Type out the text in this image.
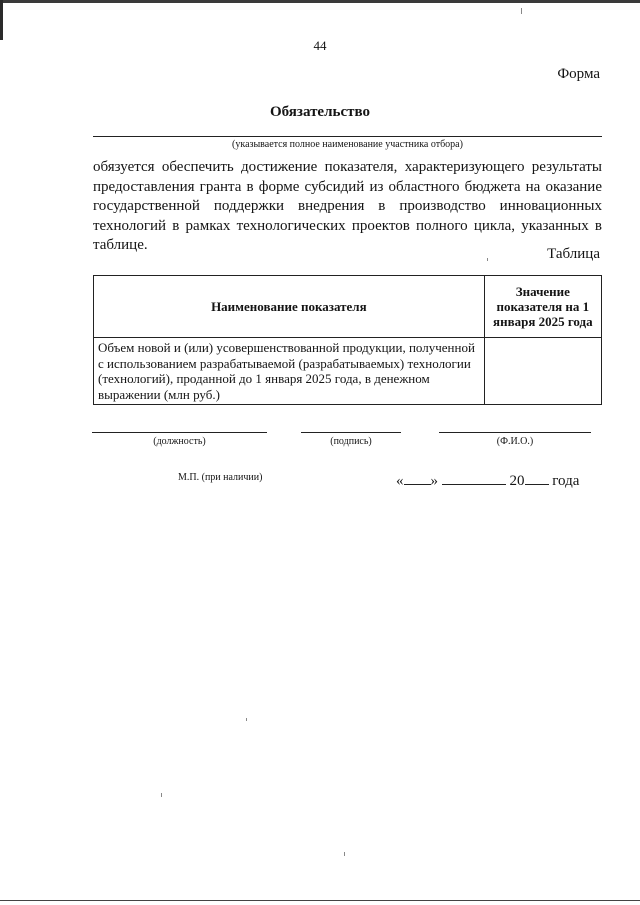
44
Форма
Обязательство
(указывается полное наименование участника отбора)
обязуется обеспечить достижение показателя, характеризующего результаты предоставления гранта в форме субсидий из областного бюджета на оказание государственной поддержки внедрения в производство инновационных технологий в рамках технологических проектов полного цикла, указанных в таблице.
Таблица
Наименование показателя	Значение показателя на 1 января 2025 года
Объем новой и (или) усовершенствованной продукции, полученной с использованием разрабатываемой (разрабатываемых) технологии (технологий), проданной до 1 января 2025 года, в денежном выражении (млн руб.)	
(должность)	(подпись)	(Ф.И.О.)
М.П. (при наличии)	« »	20 года
